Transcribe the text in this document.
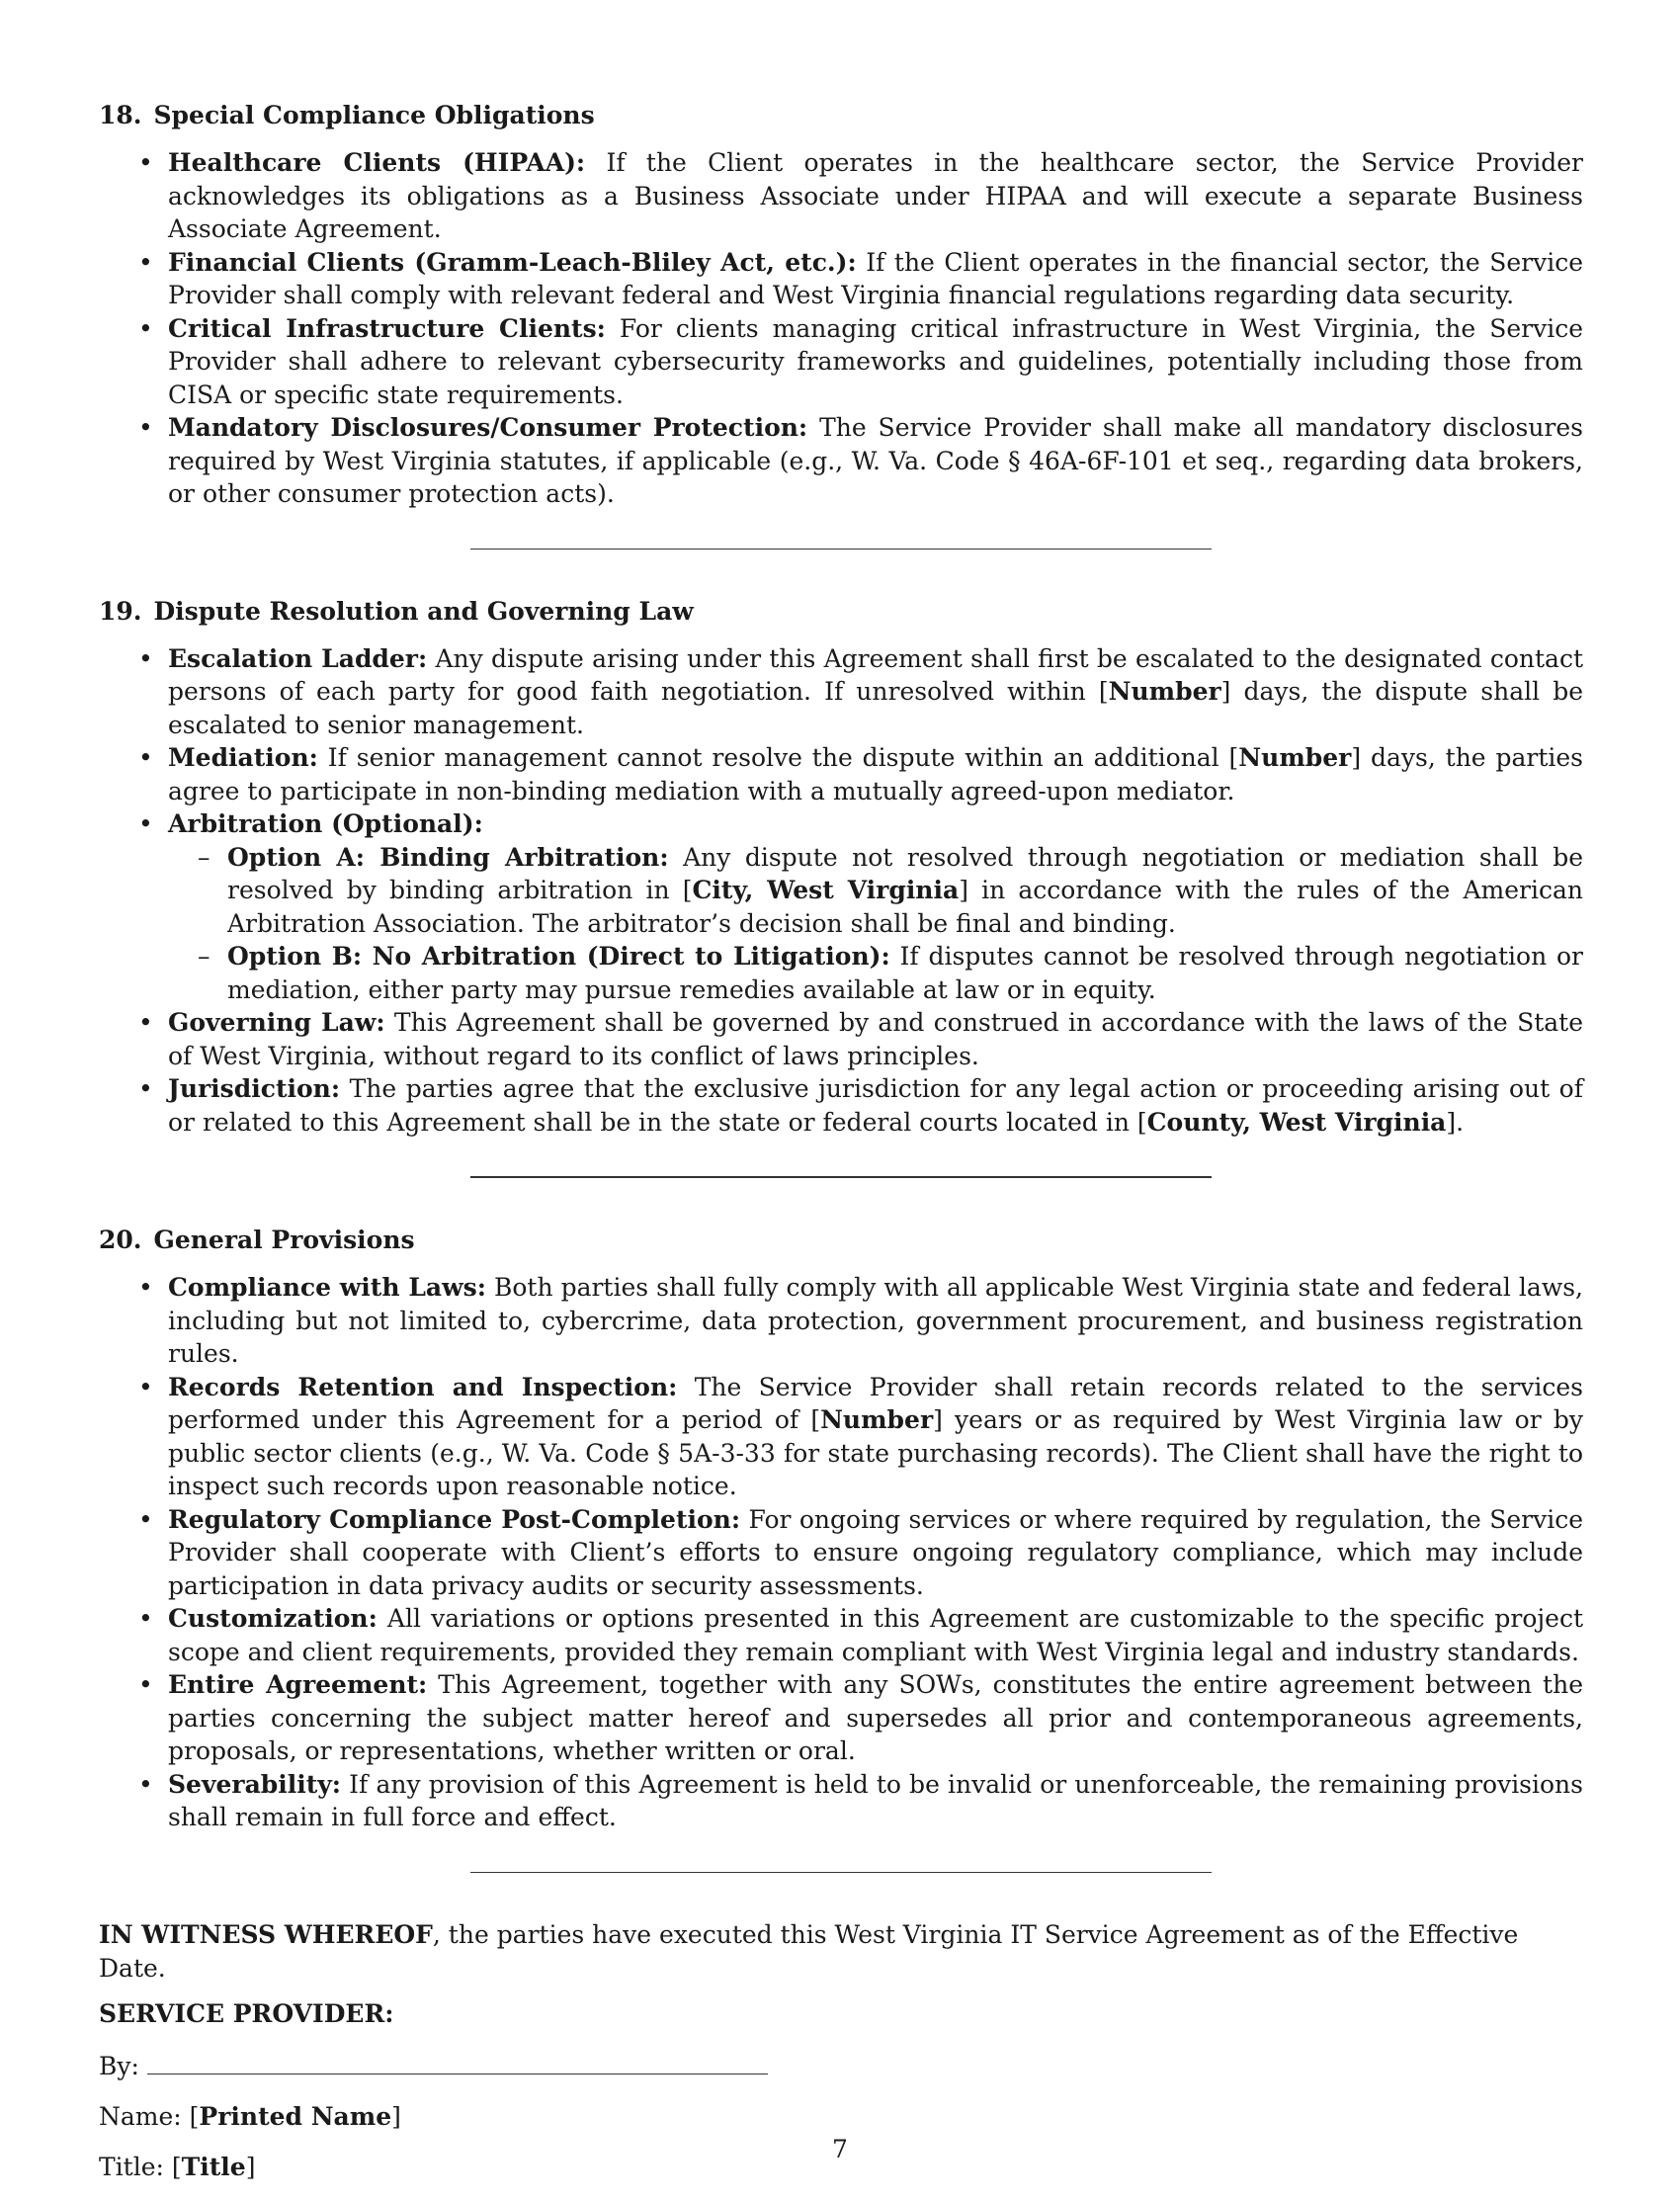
18. Special Compliance Obligations
• Healthcare Clients (HIPAA): If the Client operates in the healthcare sector, the Service Provider acknowledges its obligations as a Business Associate under HIPAA and will execute a separate Business Associate Agreement.
• Financial Clients (Gramm-Leach-Bliley Act, etc.): If the Client operates in the financial sector, the Service Provider shall comply with relevant federal and West Virginia financial regulations regarding data security.
• Critical Infrastructure Clients: For clients managing critical infrastructure in West Virginia, the Service Provider shall adhere to relevant cybersecurity frameworks and guidelines, potentially including those from CISA or specific state requirements.
• Mandatory Disclosures/Consumer Protection: The Service Provider shall make all mandatory disclosures required by West Virginia statutes, if applicable (e.g., W. Va. Code § 46A-6F-101 et seq., regarding data brokers, or other consumer protection acts).
19. Dispute Resolution and Governing Law
• Escalation Ladder: Any dispute arising under this Agreement shall first be escalated to the designated contact persons of each party for good faith negotiation. If unresolved within [Number] days, the dispute shall be escalated to senior management.
• Mediation: If senior management cannot resolve the dispute within an additional [Number] days, the parties agree to participate in non-binding mediation with a mutually agreed-upon mediator.
• Arbitration (Optional):
– Option A: Binding Arbitration: Any dispute not resolved through negotiation or mediation shall be resolved by binding arbitration in [City, West Virginia] in accordance with the rules of the American Arbitration Association. The arbitrator’s decision shall be final and binding.
– Option B: No Arbitration (Direct to Litigation): If disputes cannot be resolved through negotiation or mediation, either party may pursue remedies available at law or in equity.
• Governing Law: This Agreement shall be governed by and construed in accordance with the laws of the State of West Virginia, without regard to its conflict of laws principles.
• Jurisdiction: The parties agree that the exclusive jurisdiction for any legal action or proceeding arising out of or related to this Agreement shall be in the state or federal courts located in [County, West Virginia].
20. General Provisions
• Compliance with Laws: Both parties shall fully comply with all applicable West Virginia state and federal laws, including but not limited to, cybercrime, data protection, government procurement, and business registration rules.
• Records Retention and Inspection: The Service Provider shall retain records related to the services performed under this Agreement for a period of [Number] years or as required by West Virginia law or by public sector clients (e.g., W. Va. Code § 5A-3-33 for state purchasing records). The Client shall have the right to inspect such records upon reasonable notice.
• Regulatory Compliance Post-Completion: For ongoing services or where required by regulation, the Service Provider shall cooperate with Client’s efforts to ensure ongoing regulatory compliance, which may include participation in data privacy audits or security assessments.
• Customization: All variations or options presented in this Agreement are customizable to the specific project scope and client requirements, provided they remain compliant with West Virginia legal and industry standards.
• Entire Agreement: This Agreement, together with any SOWs, constitutes the entire agreement between the parties concerning the subject matter hereof and supersedes all prior and contemporaneous agreements, proposals, or representations, whether written or oral.
• Severability: If any provision of this Agreement is held to be invalid or unenforceable, the remaining provisions shall remain in full force and effect.

IN WITNESS WHEREOF, the parties have executed this West Virginia IT Service Agreement as of the Effective Date.

SERVICE PROVIDER:
By:
Name: [Printed Name]
Title: [Title]
7
